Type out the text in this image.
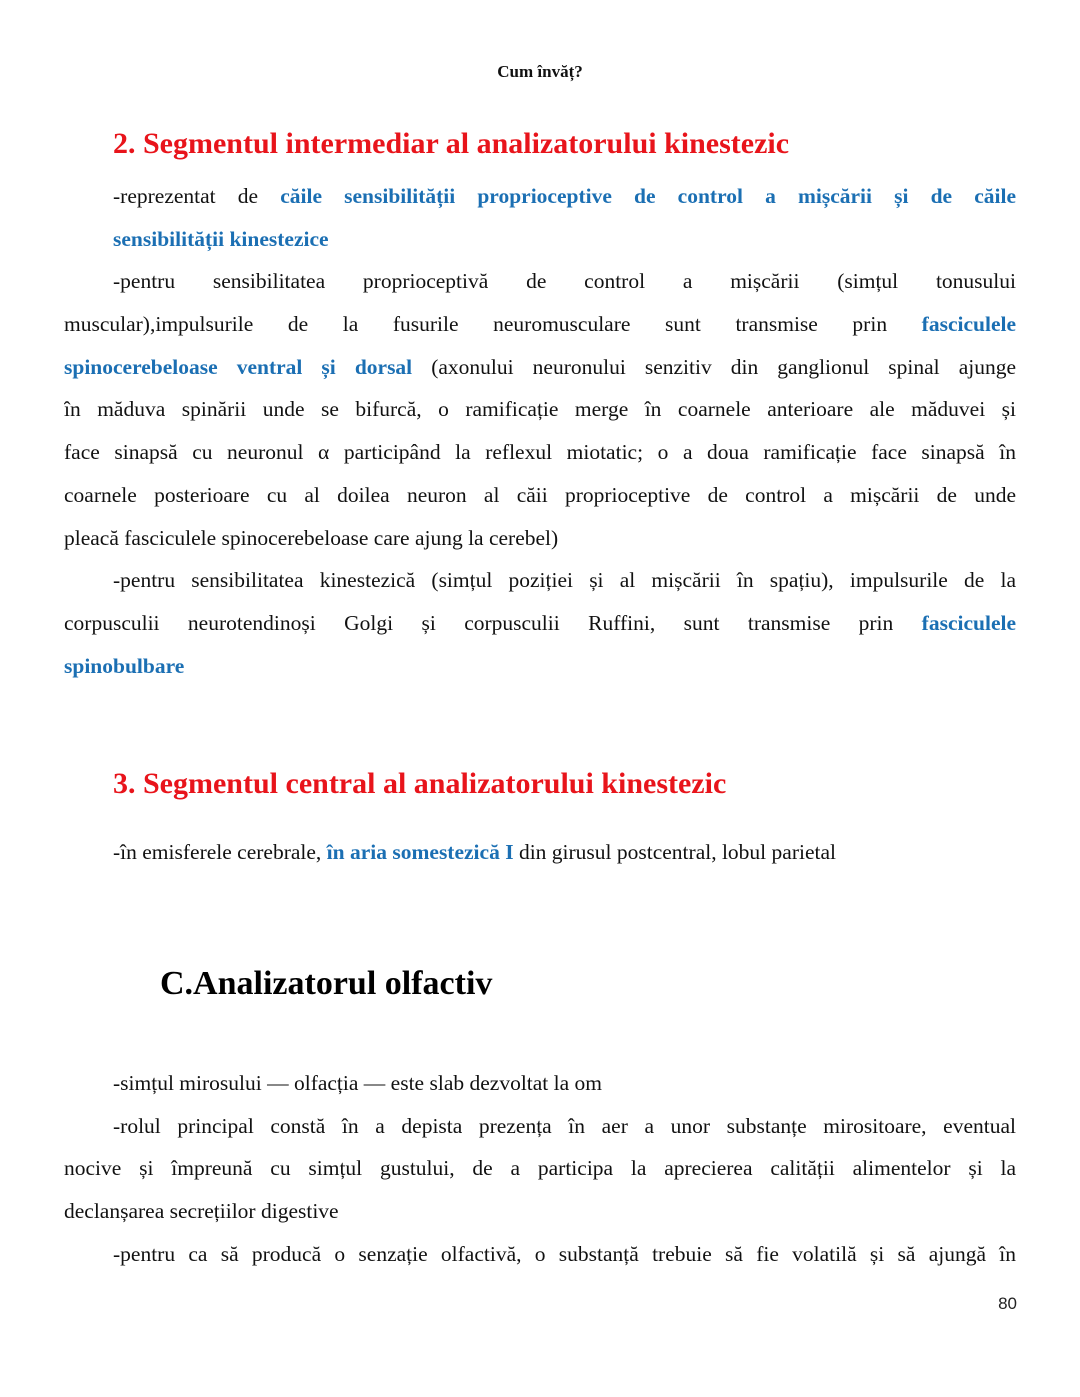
Cum învăț?
2. Segmentul intermediar al analizatorului kinestezic
-reprezentat de căile sensibilității proprioceptive de control a mișcării și de căile
sensibilității kinestezice
-pentru sensibilitatea proprioceptivă de control a mișcării (simțul tonusului
muscular),impulsurile de la fusurile neuromusculare sunt transmise prin fasciculele
spinocerebeloase ventral și dorsal (axonului neuronului senzitiv din ganglionul spinal ajunge
în măduva spinării unde se bifurcă, o ramificație merge în coarnele anterioare ale măduvei și
face sinapsă cu neuronul α participând la reflexul miotatic; o a doua ramificație face sinapsă în
coarnele posterioare cu al doilea neuron al căii proprioceptive de control a mișcării de unde
pleacă fasciculele spinocerebeloase care ajung la cerebel)
-pentru sensibilitatea kinestezică (simțul poziției și al mișcării în spațiu), impulsurile de la
corpusculii neurotendinoși Golgi și corpusculii Ruffini, sunt transmise prin fasciculele
spinobulbare
3. Segmentul central al analizatorului kinestezic
-în emisferele cerebrale, în aria somestezică I din girusul postcentral, lobul parietal
C.Analizatorul olfactiv
-simțul mirosului — olfacția — este slab dezvoltat la om
-rolul principal constă în a depista prezența în aer a unor substanțe mirositoare, eventual
nocive și împreună cu simțul gustului, de a participa la aprecierea calității alimentelor și la
declanșarea secrețiilor digestive
-pentru ca să producă o senzație olfactivă, o substanță trebuie să fie volatilă și să ajungă în
80
